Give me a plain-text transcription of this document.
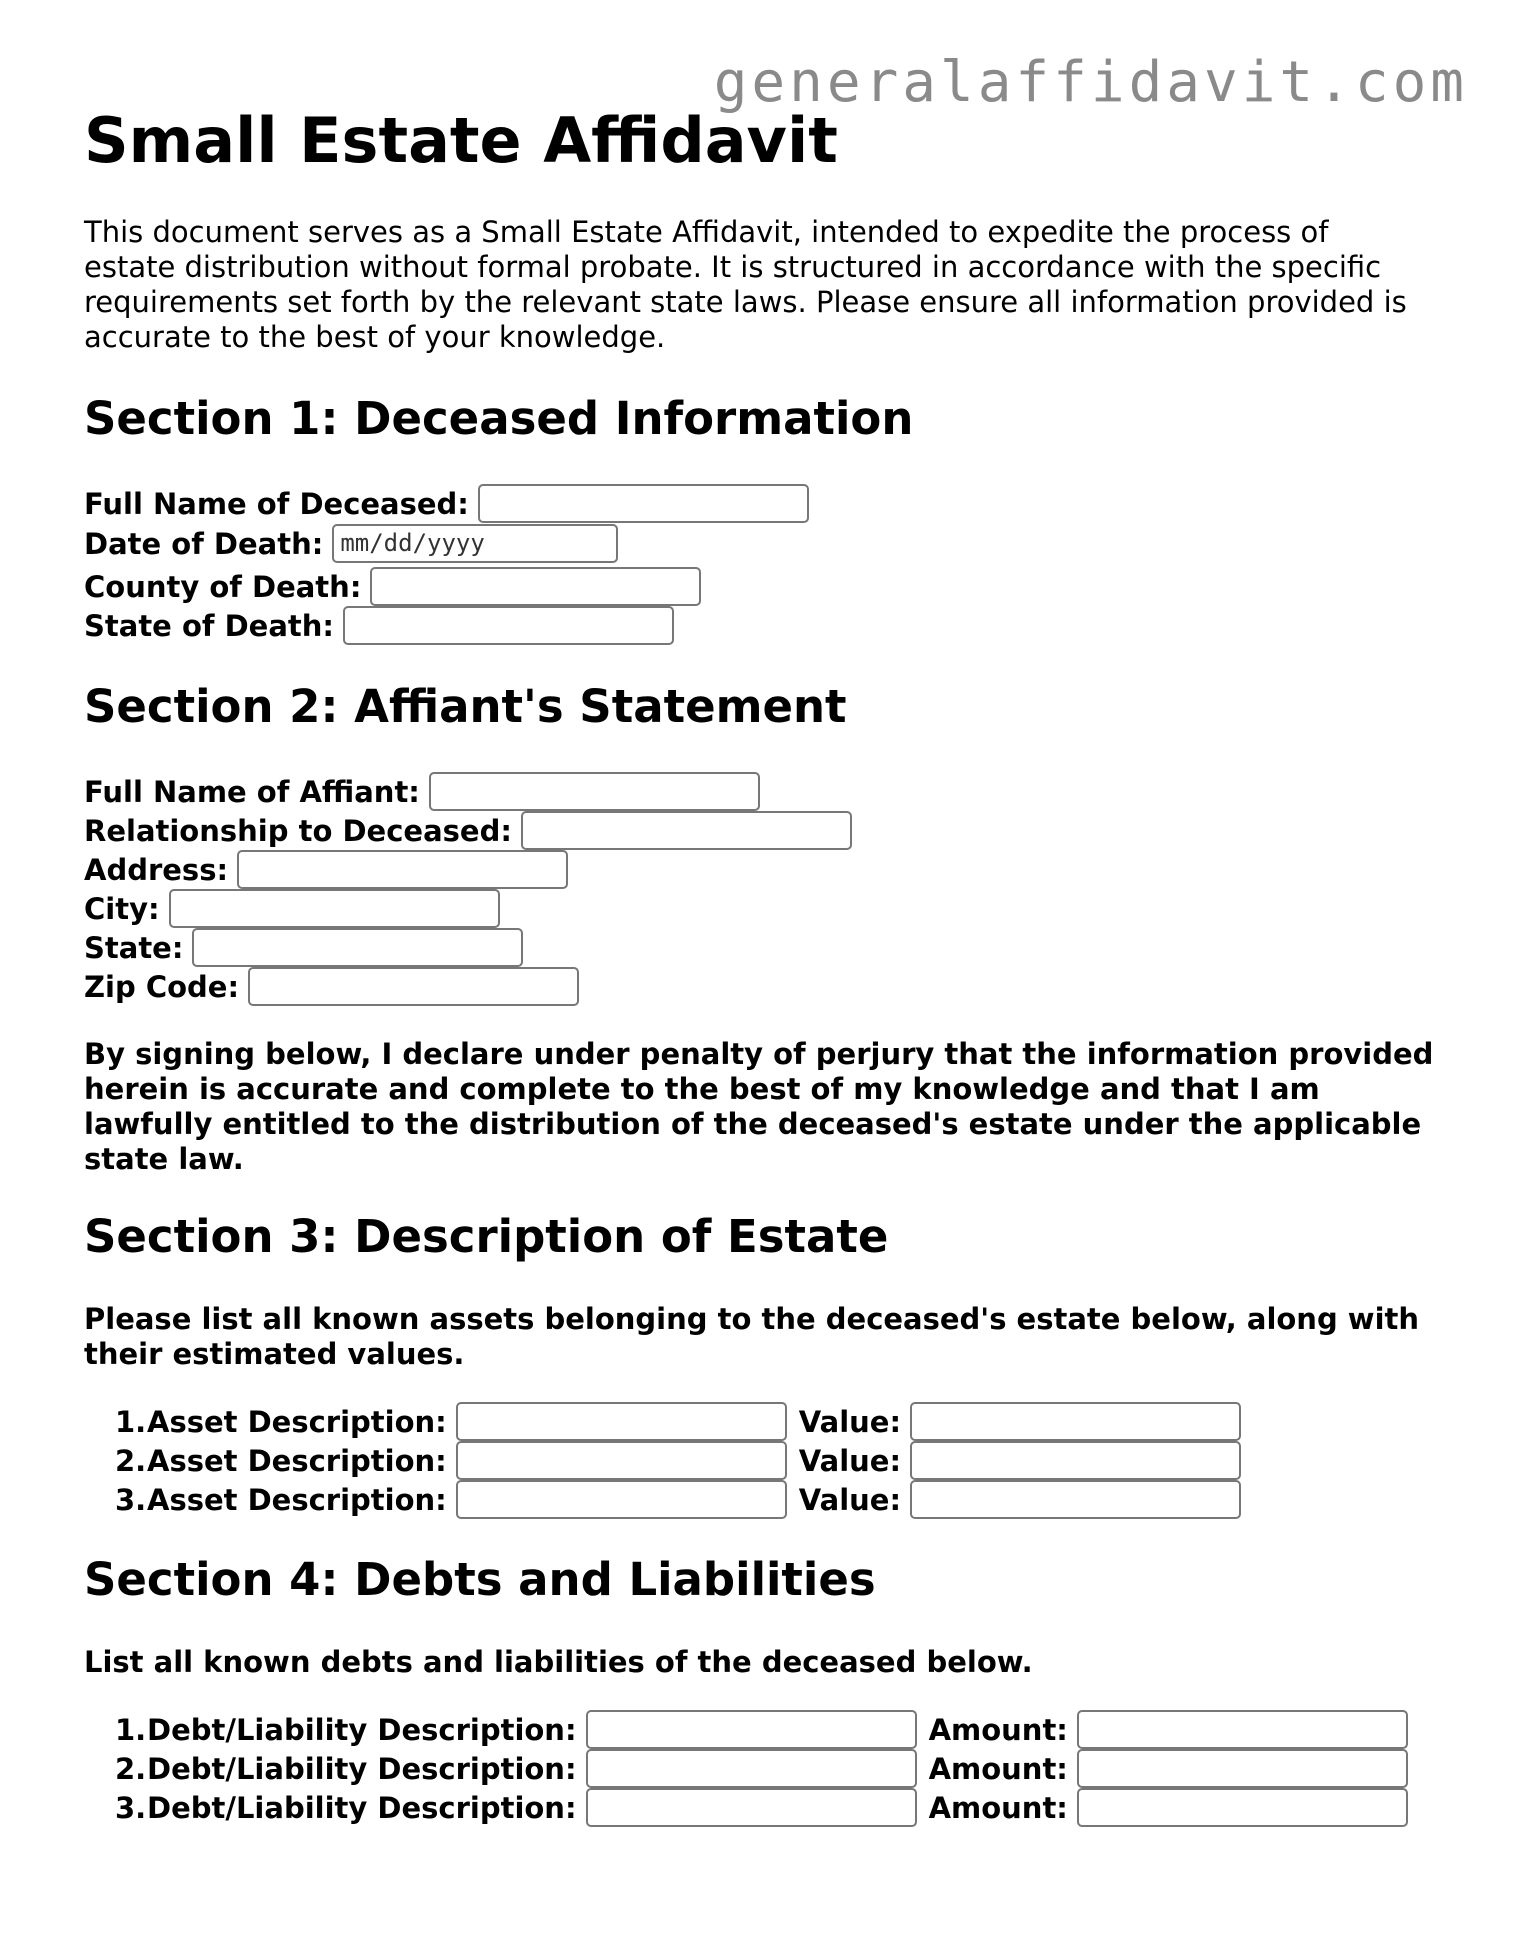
generalaffidavit.com
Small Estate Affidavit

This document serves as a Small Estate Affidavit, intended to expedite the process of estate distribution without formal probate. It is structured in accordance with the specific requirements set forth by the relevant state laws. Please ensure all information provided is accurate to the best of your knowledge.

Section 1: Deceased Information
Full Name of Deceased:
Date of Death: mm/dd/yyyy
County of Death:
State of Death:
Section 2: Affiant's Statement
Full Name of Affiant:
Relationship to Deceased:
Address:
City:
State:
Zip Code:

By signing below, I declare under penalty of perjury that the information provided herein is accurate and complete to the best of my knowledge and that I am lawfully entitled to the distribution of the deceased's estate under the applicable state law.

Section 3: Description of Estate

Please list all known assets belonging to the deceased's estate below, along with their estimated values.

1. Asset Description:	Value:
2. Asset Description:	Value:
3. Asset Description:	Value:
Section 4: Debts and Liabilities

List all known debts and liabilities of the deceased below.

1. Debt/Liability Description:	Amount:
2. Debt/Liability Description:	Amount:
3. Debt/Liability Description:	Amount:
